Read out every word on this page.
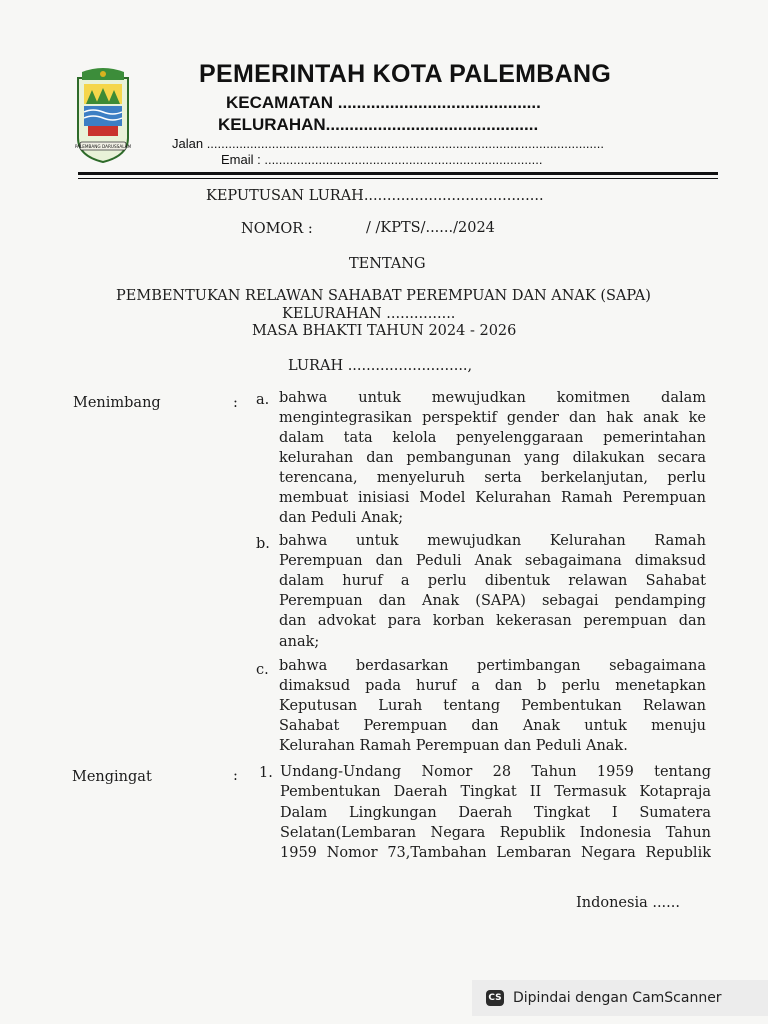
PALEMBANG DARUSSALAM
PEMERINTAH KOTA PALEMBANG
KECAMATAN ...........................................
KELURAHAN.............................................
Jalan ..............................................................................................................
Email : .............................................................................
KEPUTUSAN LURAH.......................................
NOMOR :	/ /KPTS/....../2024
TENTANG
PEMBENTUKAN RELAWAN SAHABAT PEREMPUAN DAN ANAK (SAPA)
KELURAHAN ...............
MASA BHAKTI TAHUN 2024 - 2026
LURAH ..........................,
Menimbang	: a. bahwa untuk mewujudkan komitmen dalam
mengintegrasikan perspektif gender dan hak anak ke
dalam tata kelola penyelenggaraan pemerintahan
kelurahan dan pembangunan yang dilakukan secara
terencana, menyeluruh serta berkelanjutan, perlu
membuat inisiasi Model Kelurahan Ramah Perempuan
dan Peduli Anak;
b. bahwa untuk mewujudkan Kelurahan Ramah
Perempuan dan Peduli Anak sebagaimana dimaksud
dalam huruf a perlu dibentuk relawan Sahabat
Perempuan dan Anak (SAPA) sebagai pendamping
dan advokat para korban kekerasan perempuan dan
anak;
c. bahwa berdasarkan pertimbangan sebagaimana
dimaksud pada huruf a dan b perlu menetapkan
Keputusan Lurah tentang Pembentukan Relawan
Sahabat Perempuan dan Anak untuk menuju
Kelurahan Ramah Perempuan dan Peduli Anak.
Mengingat	: 1. Undang-Undang Nomor 28 Tahun 1959 tentang
Pembentukan Daerah Tingkat II Termasuk Kotapraja
Dalam Lingkungan Daerah Tingkat I Sumatera
Selatan(Lembaran Negara Republik Indonesia Tahun
1959 Nomor 73,Tambahan Lembaran Negara Republik
Indonesia ......
CS Dipindai dengan CamScanner
